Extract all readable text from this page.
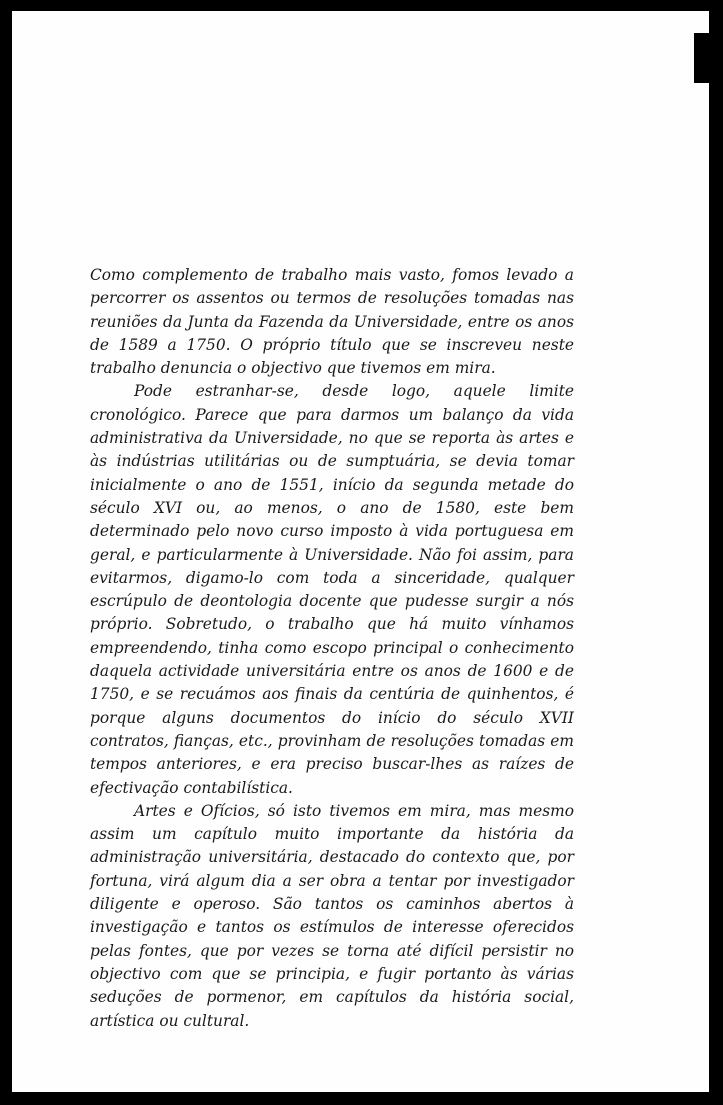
Como complemento de trabalho mais vasto, fomos levado a percorrer os assentos ou termos de resoluções tomadas nas reuniões da Junta da Fazenda da Universidade, entre os anos de 1589 a 1750. O próprio título que se inscreveu neste trabalho denuncia o objectivo que tivemos em mira.

Pode estranhar-se, desde logo, aquele limite cronológico. Parece que para darmos um balanço da vida administrativa da Universidade, no que se reporta às artes e às indústrias utilitárias ou de sumptuária, se devia tomar inicialmente o ano de 1551, início da segunda metade do século XVI ou, ao menos, o ano de 1580, este bem determinado pelo novo curso imposto à vida portuguesa em geral, e particularmente à Universidade. Não foi assim, para evitarmos, digamo-lo com toda a sinceridade, qualquer escrúpulo de deontologia docente que pudesse surgir a nós próprio. Sobretudo, o trabalho que há muito vínhamos empreendendo, tinha como escopo principal o conhecimento daquela actividade universitária entre os anos de 1600 e de 1750, e se recuámos aos finais da centúria de quinhentos, é porque alguns documentos do início do século XVII contratos, fianças, etc., provinham de resoluções tomadas em tempos anteriores, e era preciso buscar-lhes as raízes de efectivação contabilística.

Artes e Ofícios, só isto tivemos em mira, mas mesmo assim um capítulo muito importante da história da administração universitária, destacado do contexto que, por fortuna, virá algum dia a ser obra a tentar por investigador diligente e operoso. São tantos os caminhos abertos à investigação e tantos os estímulos de interesse oferecidos pelas fontes, que por vezes se torna até difícil persistir no objectivo com que se principia, e fugir portanto às várias seduções de pormenor, em capítulos da história social, artística ou cultural.
